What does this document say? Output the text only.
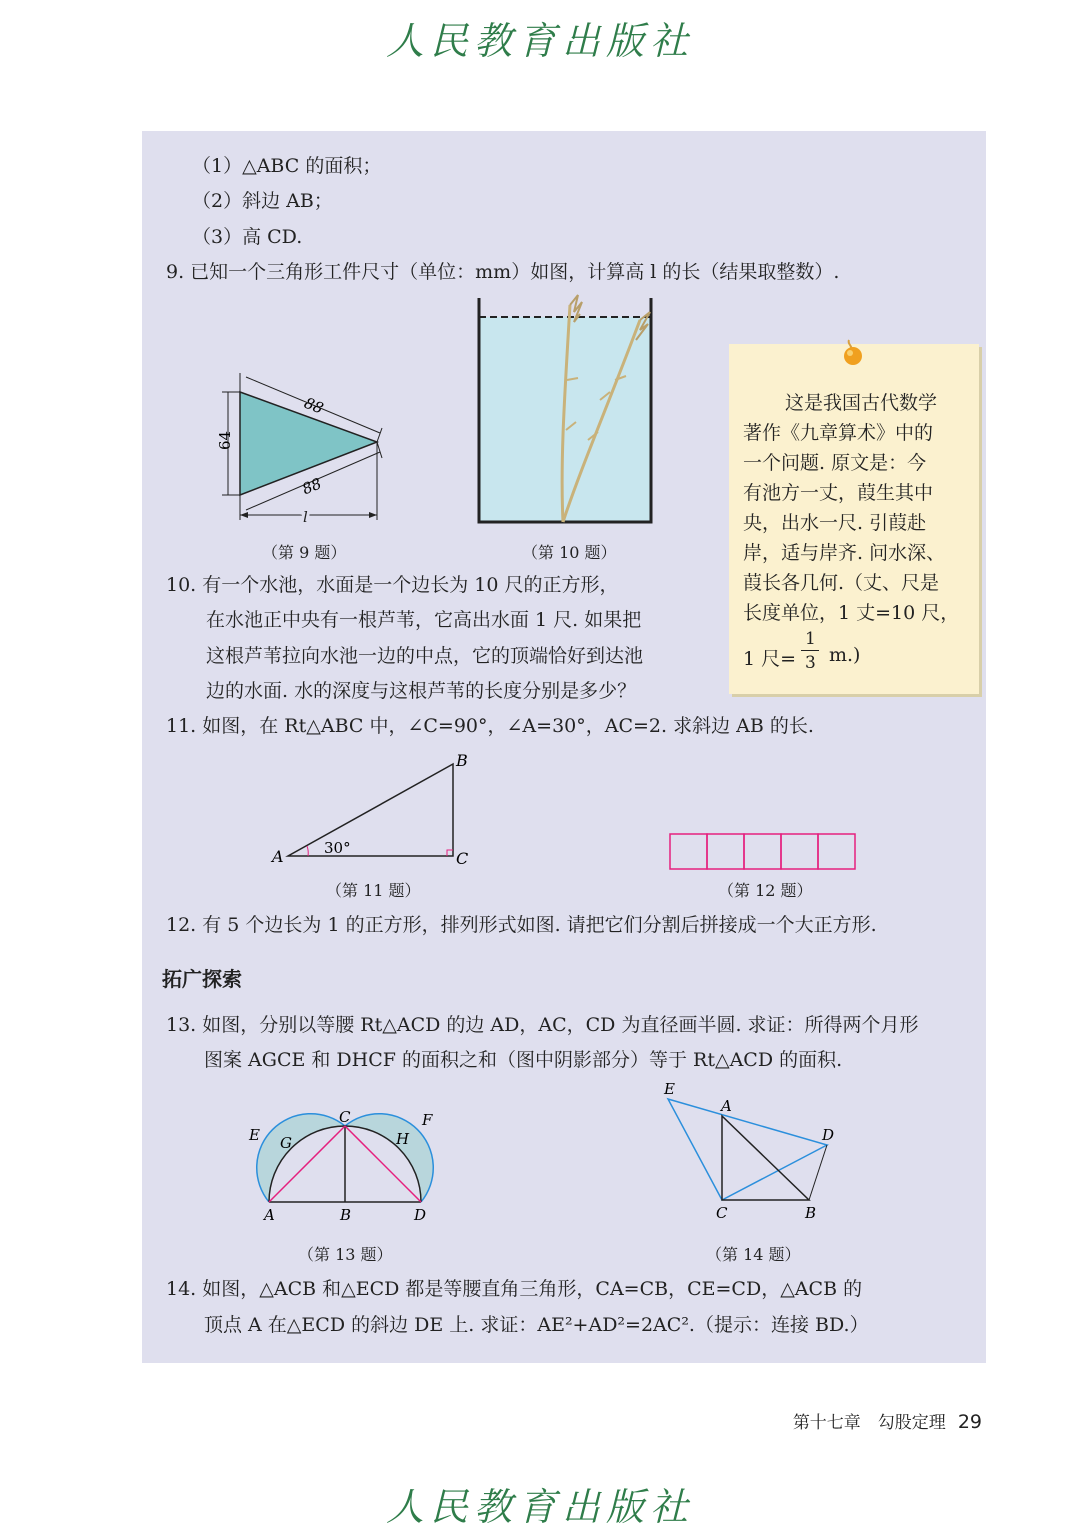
人民教育出版社
（1）△ABC 的面积；
（2）斜边 AB；
（3）高 CD.
9. 已知一个三角形工件尺寸（单位：mm）如图，计算高 l 的长（结果取整数）.
10. 有一个水池，水面是一个边长为 10 尺的正方形，
在水池正中央有一根芦苇，它高出水面 1 尺. 如果把
这根芦苇拉向水池一边的中点，它的顶端恰好到达池
边的水面. 水的深度与这根芦苇的长度分别是多少？
11. 如图，在 Rt△ABC 中，∠C=90°，∠A=30°，AC=2. 求斜边 AB 的长.
12. 有 5 个边长为 1 的正方形，排列形式如图. 请把它们分割后拼接成一个大正方形.
拓广探索
13. 如图，分别以等腰 Rt△ACD 的边 AD，AC，CD 为直径画半圆. 求证：所得两个月形
图案 AGCE 和 DHCF 的面积之和（图中阴影部分）等于 Rt△ACD 的面积.
14. 如图，△ACB 和△ECD 都是等腰直角三角形，CA=CB，CE=CD，△ACB 的
顶点 A 在△ECD 的斜边 DE 上. 求证：AE²+AD²=2AC².（提示：连接 BD.）
（第 9 题）	（第 10 题）
（第 11 题）	（第 12 题）
（第 13 题）	（第 14 题）
88
88
64
l
这是我国古代数学
著作《九章算术》中的
一个问题. 原文是：今
有池方一丈，葭生其中
央，出水一尺. 引葭赴
岸，适与岸齐. 问水深、
葭长各几何.（丈、尺是
长度单位，1 丈=10 尺，
1 尺=
1
3 m.)
A
B
C
30°
E G
C
H
F
A	B	D
E
A
D
C	B
第十七章　勾股定理 29
人民教育出版社
